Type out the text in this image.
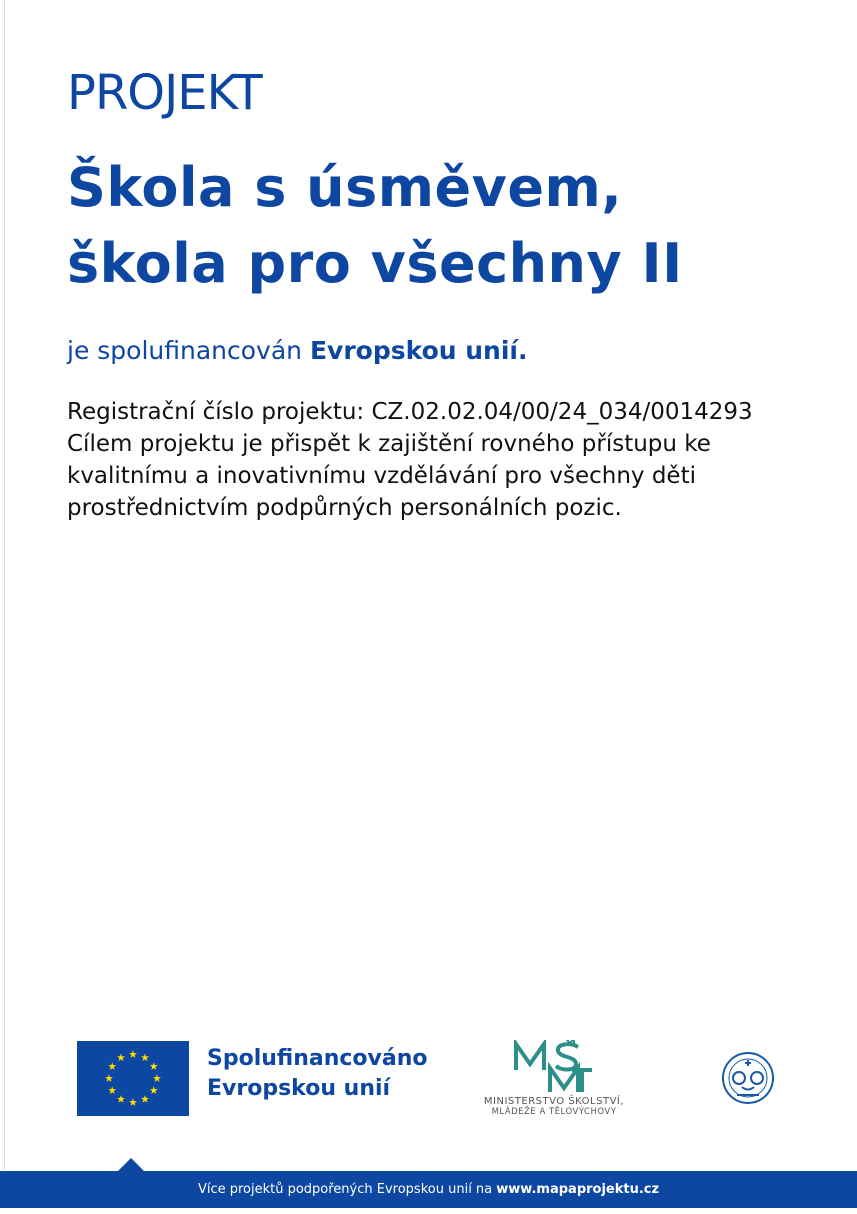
PROJEKT
Škola s úsměvem,
škola pro všechny II

je spolufinancován Evropskou unií.

Registrační číslo projektu: CZ.02.02.04/00/24_034/0014293

Cílem projektu je přispět k zajištění rovného přístupu ke kvalitnímu a inovativnímu vzdělávání pro všechny děti prostřednictvím podpůrných personálních pozic.

Spolufinancováno
Evropskou unií
MINISTERSTVO ŠKOLSTVÍ,
MLÁDEŽE A TĚLOVÝCHOVY
Více projektů podpořených Evropskou unií na www.mapaprojektu.cz
